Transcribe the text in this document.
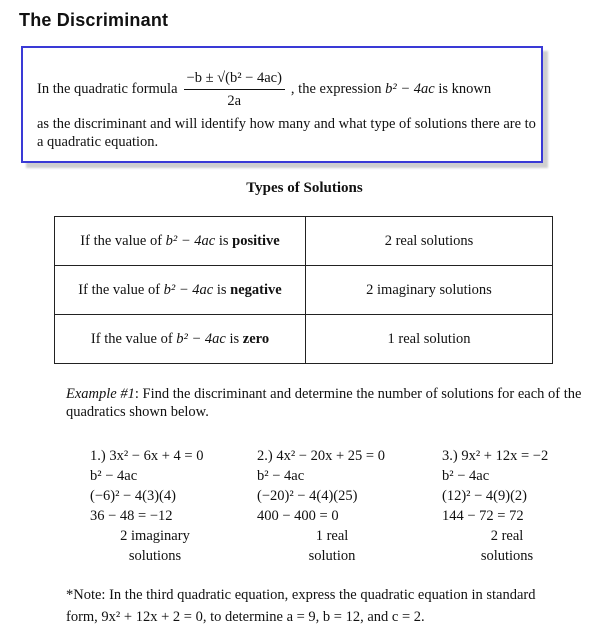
The Discriminant
In the quadratic formula $\frac{\text{−b ± √(b² − 4ac)}}{2a}$ , the expression
b² − 4ac
is known
as the discriminant and will identify how many and what type of solutions there are to a quadratic equation.
Types of Solutions
If the value of b² − 4ac is positive	2 real solutions
If the value of b² − 4ac is negative	2 imaginary solutions
If the value of b² − 4ac is zero	1 real solution
Example #1: Find the discriminant and determine the number of solutions for each of the quadratics shown below.
1.) 3x² − 6x + 4 = 0
b² − 4ac
(−6)² − 4(3)(4)
36 − 48 = −12
2 imaginary
solutions
2.) 4x² − 20x + 25 = 0
b² − 4ac
(−20)² − 4(4)(25)
400 − 400 = 0
1 real
solution
3.) 9x² + 12x = −2
b² − 4ac
(12)² − 4(9)(2)
144 − 72 = 72
2 real
solutions
*Note: In the third quadratic equation, express the quadratic equation in standard
form, 9x² + 12x + 2 = 0, to determine a = 9, b = 12, and c = 2.
